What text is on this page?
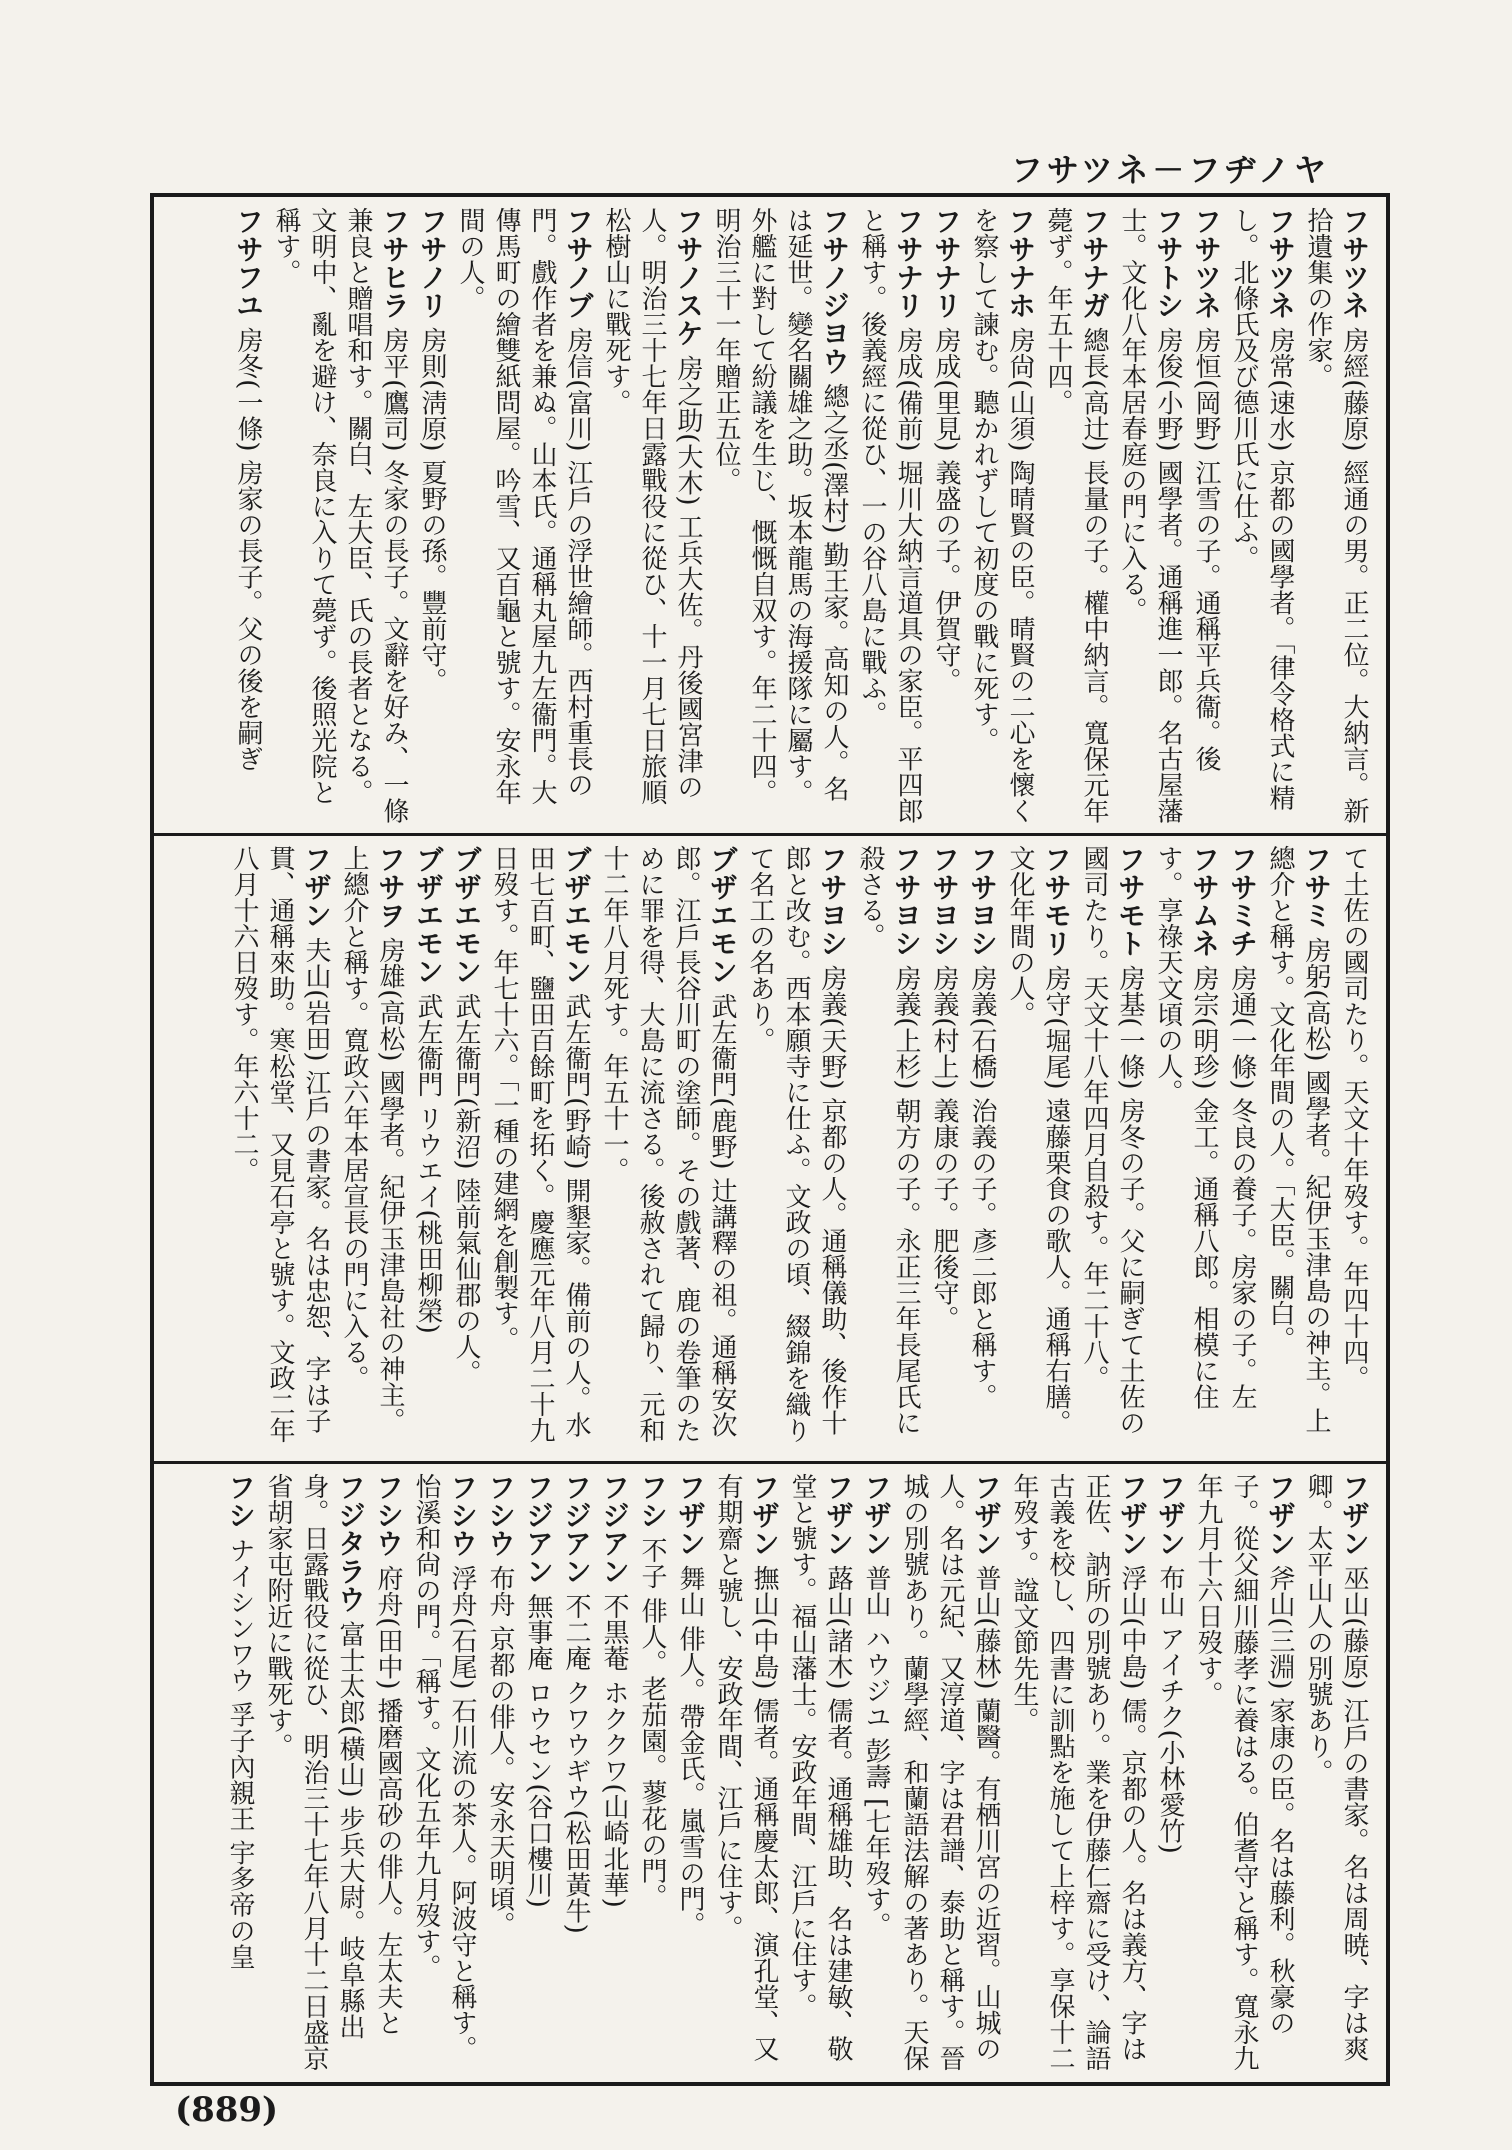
フサツネ－フヂノヤ
フサツネ 房經(藤原) 經通の男。正二位。大納言。新拾遺集の作家。
フサツネ 房常(速水) 京都の國學者。「律令格式に精し。北條氏及び德川氏に仕ふ。
フサツネ 房恒(岡野) 江雪の子。通稱平兵衞。後
フサトシ 房俊(小野) 國學者。通稱進一郎。名古屋藩士。文化八年本居春庭の門に入る。
フサナガ 總長(高辻) 長量の子。權中納言。寬保元年薨ず。年五十四。
フサナホ 房尙(山須) 陶晴賢の臣。晴賢の二心を懷くを察して諫む。聽かれずして初度の戰に死す。
フサナリ 房成(里見) 義盛の子。伊賀守。
フサナリ 房成(備前) 堀川大納言道具の家臣。平四郎と稱す。後義經に從ひ、一の谷八島に戰ふ。
フサノジヨウ 總之丞(澤村) 勤王家。高知の人。名は延世。變名關雄之助。坂本龍馬の海援隊に屬す。外艦に對して紛議を生じ、慨慨自双す。年二十四。明治三十一年贈正五位。
フサノスケ 房之助(大木) 工兵大佐。丹後國宮津の人。明治三十七年日露戰役に從ひ、十一月七日旅順松樹山に戰死す。
フサノブ 房信(富川) 江戶の浮世繪師。西村重長の門。戲作者を兼ぬ。山本氏。通稱丸屋九左衞門。大傳馬町の繪雙紙問屋。吟雪、又百龜と號す。安永年間の人。
フサノリ 房則(淸原) 夏野の孫。豐前守。
フサヒラ 房平(鷹司) 冬家の長子。文辭を好み、一條兼良と贈唱和す。關白、左大臣、氏の長者となる。文明中、亂を避け、奈良に入りて薨ず。後照光院と稱す。
フサフユ 房冬(一條) 房家の長子。父の後を嗣ぎ
て土佐の國司たり。天文十年歿す。年四十四。
フサミ 房躬(高松) 國學者。紀伊玉津島の神主。上總介と稱す。文化年間の人。「大臣。關白。
フサミチ 房通(一條) 冬良の養子。房家の子。左
フサムネ 房宗(明珍) 金工。通稱八郎。相模に住す。享祿天文頃の人。
フサモト 房基(一條) 房冬の子。父に嗣ぎて土佐の國司たり。天文十八年四月自殺す。年二十八。
フサモリ 房守(堀尾) 遠藤栗食の歌人。通稱右膳。文化年間の人。
フサヨシ 房義(石橋) 治義の子。彥二郎と稱す。
フサヨシ 房義(村上) 義康の子。肥後守。
フサヨシ 房義(上杉) 朝方の子。永正三年長尾氏に殺さる。
フサヨシ 房義(天野) 京都の人。通稱儀助、後作十郎と改む。西本願寺に仕ふ。文政の頃、綴錦を織りて名工の名あり。
ブザエモン 武左衞門(鹿野) 辻講釋の祖。通稱安次郎。江戶長谷川町の塗師。その戲著、鹿の卷筆のために罪を得、大島に流さる。後赦されて歸り、元和十二年八月死す。年五十一。
ブザエモン 武左衞門(野崎) 開墾家。備前の人。水田七百町、鹽田百餘町を拓く。慶應元年八月二十九日歿す。年七十六。「一種の建網を創製す。
ブザエモン 武左衞門(新沼) 陸前氣仙郡の人。
ブザエモン 武左衞門 リウエイ(桃田柳榮)
フサヲ 房雄(高松) 國學者。紀伊玉津島社の神主。上總介と稱す。寬政六年本居宣長の門に入る。
フザン 夫山(岩田) 江戶の書家。名は忠恕、字は子貫、通稱來助。寒松堂、又見石亭と號す。文政二年八月十六日歿す。年六十二。
フザン 巫山(藤原) 江戶の書家。名は周暁、字は爽卿。太平山人の別號あり。
フザン 斧山(三淵) 家康の臣。名は藤利。秋豪の子。從父細川藤孝に養はる。伯耆守と稱す。寬永九年九月十六日歿す。
フザン 布山 アイチク(小林愛竹)
フザン 浮山(中島) 儒。京都の人。名は義方、字は正佐、訥所の別號あり。業を伊藤仁齋に受け、論語古義を校し、四書に訓點を施して上梓す。享保十二年歿す。諡文節先生。
フザン 普山(藤林) 蘭醫。有栖川宮の近習。山城の人。名は元紀、又淳道、字は君譜、泰助と稱す。晉城の別號あり。蘭學經、和蘭語法解の著あり。天保
フザン 普山 ハウジユ 彭壽 [七年歿す。
フザン 蕗山(諸木) 儒者。通稱雄助、名は建敏、敬堂と號す。福山藩士。安政年間、江戶に住す。
フザン 撫山(中島) 儒者。通稱慶太郎、演孔堂、又有期齋と號し、安政年間、江戶に住す。
フザン 舞山 俳人。帶金氏。嵐雪の門。
フシ 不子 俳人。老茄園。蓼花の門。
フジアン 不黒菴 ホククワ(山崎北華)
フジアン 不二庵 クワウギウ(松田黃牛)
フジアン 無事庵 ロウセン(谷口樓川)
フシウ 布舟 京都の俳人。安永天明頃。
フシウ 浮舟(石尾) 石川流の茶人。阿波守と稱す。怡溪和尙の門。「稱す。文化五年九月歿す。
フシウ 府舟(田中) 播磨國高砂の俳人。左太夫と
フジタラウ 富士太郎(橫山) 步兵大尉。岐阜縣出身。日露戰役に從ひ、明治三十七年八月十二日盛京省胡家屯附近に戰死す。
フシ ナイシンワウ 孚子內親王 宇多帝の皇
(889)
